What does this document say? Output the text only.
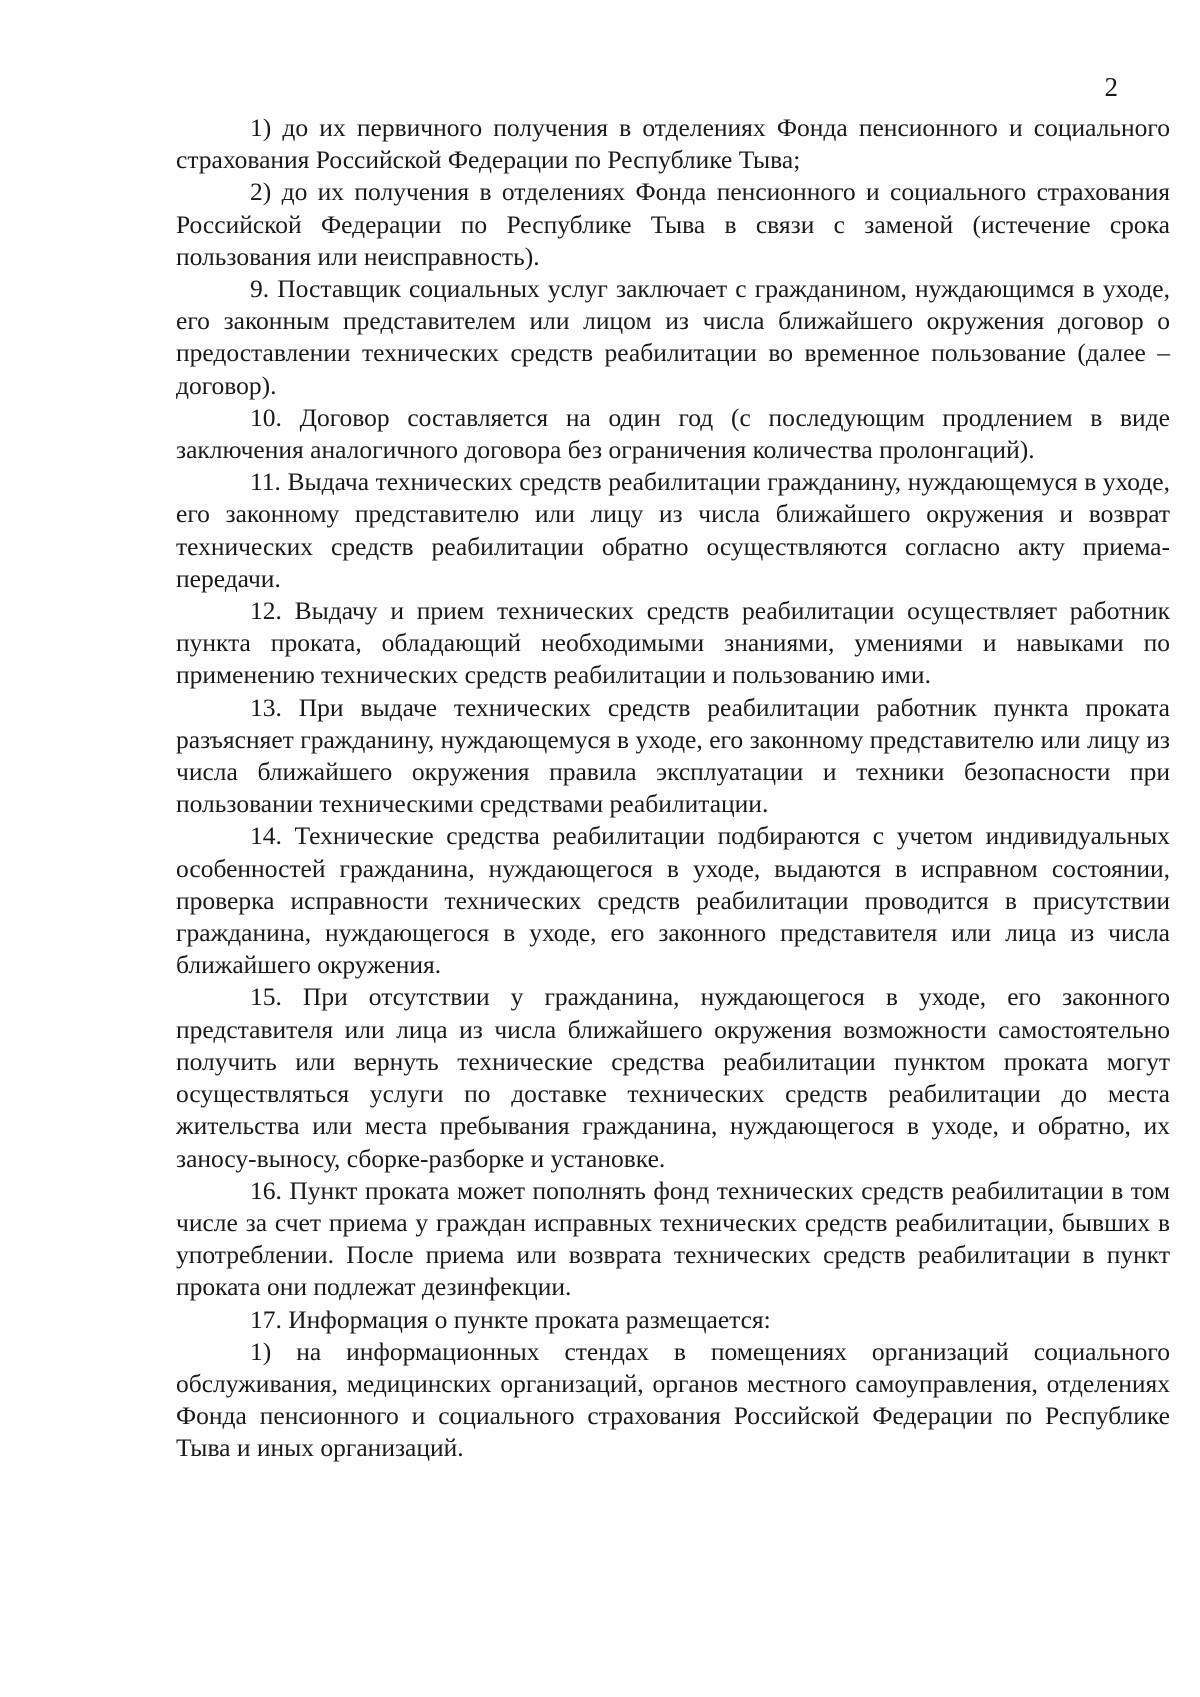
2

1) до их первичного получения в отделениях Фонда пенсионного и социального страхования Российской Федерации по Республике Тыва;

2) до их получения в отделениях Фонда пенсионного и социального страхования Российской Федерации по Республике Тыва в связи с заменой (истечение срока пользования или неисправность).

9. Поставщик социальных услуг заключает с гражданином, нуждающимся в уходе, его законным представителем или лицом из числа ближайшего окружения договор о предоставлении технических средств реабилитации во временное пользование (далее – договор).

10. Договор составляется на один год (с последующим продлением в виде заключения аналогичного договора без ограничения количества пролонгаций).

11. Выдача технических средств реабилитации гражданину, нуждающемуся в уходе, его законному представителю или лицу из числа ближайшего окружения и возврат технических средств реабилитации обратно осуществляются согласно акту приема-передачи.

12. Выдачу и прием технических средств реабилитации осуществляет работник пункта проката, обладающий необходимыми знаниями, умениями и навыками по применению технических средств реабилитации и пользованию ими.

13. При выдаче технических средств реабилитации работник пункта проката разъясняет гражданину, нуждающемуся в уходе, его законному представителю или лицу из числа ближайшего окружения правила эксплуатации и техники безопасности при пользовании техническими средствами реабилитации.

14. Технические средства реабилитации подбираются с учетом индивидуальных особенностей гражданина, нуждающегося в уходе, выдаются в исправном состоянии, проверка исправности технических средств реабилитации проводится в присутствии гражданина, нуждающегося в уходе, его законного представителя или лица из числа ближайшего окружения.

15. При отсутствии у гражданина, нуждающегося в уходе, его законного представителя или лица из числа ближайшего окружения возможности самостоятельно получить или вернуть технические средства реабилитации пунктом проката могут осуществляться услуги по доставке технических средств реабилитации до места жительства или места пребывания гражданина, нуждающегося в уходе, и обратно, их заносу-выносу, сборке-разборке и установке.

16. Пункт проката может пополнять фонд технических средств реабилитации в том числе за счет приема у граждан исправных технических средств реабилитации, бывших в употреблении. После приема или возврата технических средств реабилитации в пункт проката они подлежат дезинфекции.

17. Информация о пункте проката размещается:

1) на информационных стендах в помещениях организаций социального обслуживания, медицинских организаций, органов местного самоуправления, отделениях Фонда пенсионного и социального страхования Российской Федерации по Республике Тыва и иных организаций.
